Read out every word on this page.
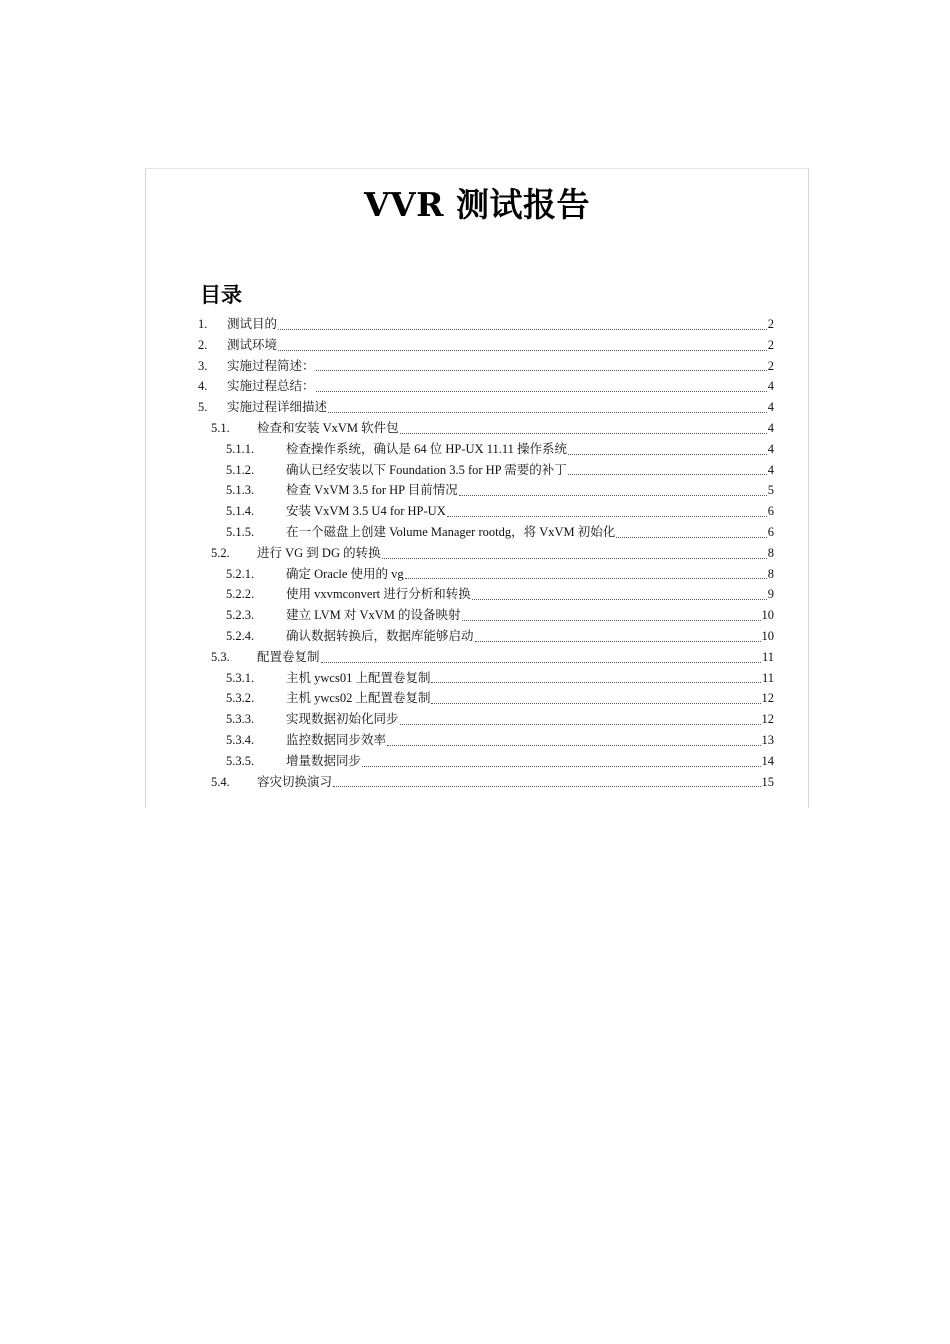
VVR 测试报告
目录
1.	测试目的	2
2.	测试环境	2
3.	实施过程简述：	2
4.	实施过程总结：	4
5.	实施过程详细描述	4
5.1.	检查和安装 VxVM 软件包	4
5.1.1.	检查操作系统，确认是 64 位 HP-UX 11.11 操作系统	4
5.1.2.	确认已经安装以下 Foundation 3.5 for HP 需要的补丁	4
5.1.3.	检查 VxVM 3.5 for HP 目前情况	5
5.1.4.	安装 VxVM 3.5 U4 for HP-UX	6
5.1.5.	在一个磁盘上创建 Volume Manager rootdg，将 VxVM 初始化	6
5.2.	进行 VG 到 DG 的转换	8
5.2.1.	确定 Oracle 使用的 vg	8
5.2.2.	使用 vxvmconvert 进行分析和转换	9
5.2.3.	建立 LVM 对 VxVM 的设备映射	10
5.2.4.	确认数据转换后，数据库能够启动	10
5.3.	配置卷复制	11
5.3.1.	主机 ywcs01 上配置卷复制	11
5.3.2.	主机 ywcs02 上配置卷复制	12
5.3.3.	实现数据初始化同步	12
5.3.4.	监控数据同步效率	13
5.3.5.	增量数据同步	14
5.4.	容灾切换演习	15
